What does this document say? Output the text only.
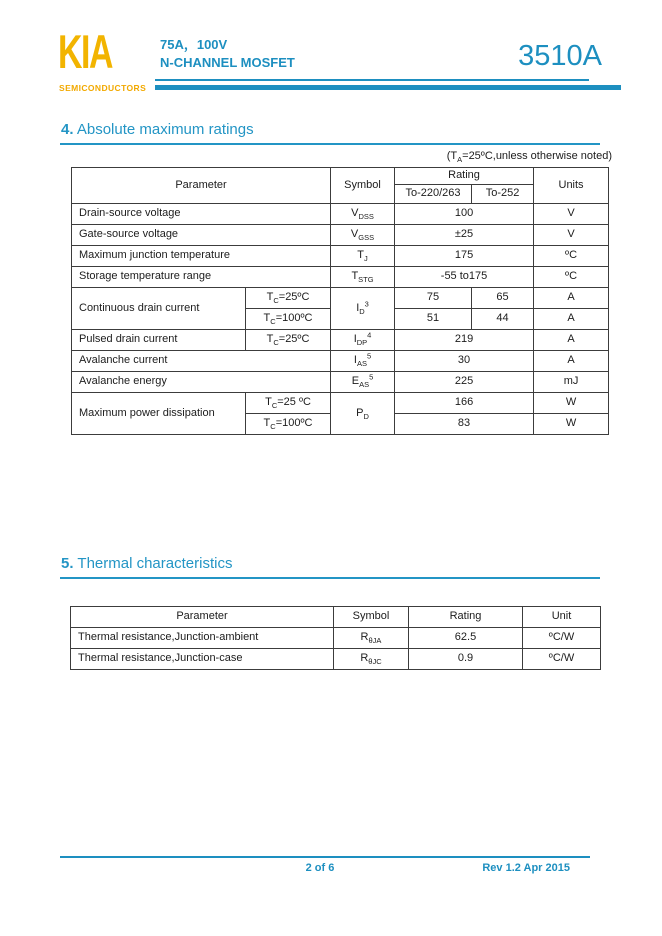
KIA
SEMICONDUCTORS
75A，100V
N-CHANNEL MOSFET	3510A
4. Absolute maximum ratings
($T_A=25ºC,unless$ otherwise noted)
Parameter		Symbol	Rating		Units
			To-220/263	To-252	
Drain-source voltage		$V_{DSS}$	100		V
Gate-source voltage		$V_{GSS}$	±25		V
Maximum junction temperature		$T_J$	175		ºC
Storage temperature range		$T_{STG}$	-55 to175		ºC
Continuous drain current	$T_C=25ºC$	$I_D^3$	75	65	A
	$T_C=100ºC$		51	44	A
Pulsed drain current	$T_C=25ºC$	$I_{DP}^4$	219		A
Avalanche current		$I_{AS}^5$	30		A
Avalanche energy		$E_{AS}^5$	225		mJ
Maximum power dissipation	$T_C=25$ ºC	$P_D$	166		W
	$T_C=100ºC$		83		W
5. Thermal characteristics
Parameter	Symbol	Rating	Unit
Thermal resistance,Junction-ambient	$R_{\theta JA}$	62.5	ºC/W
Thermal resistance,Junction-case	$R_{\theta JC}$	0.9	ºC/W
2 of 6	Rev 1.2 Apr 2015
